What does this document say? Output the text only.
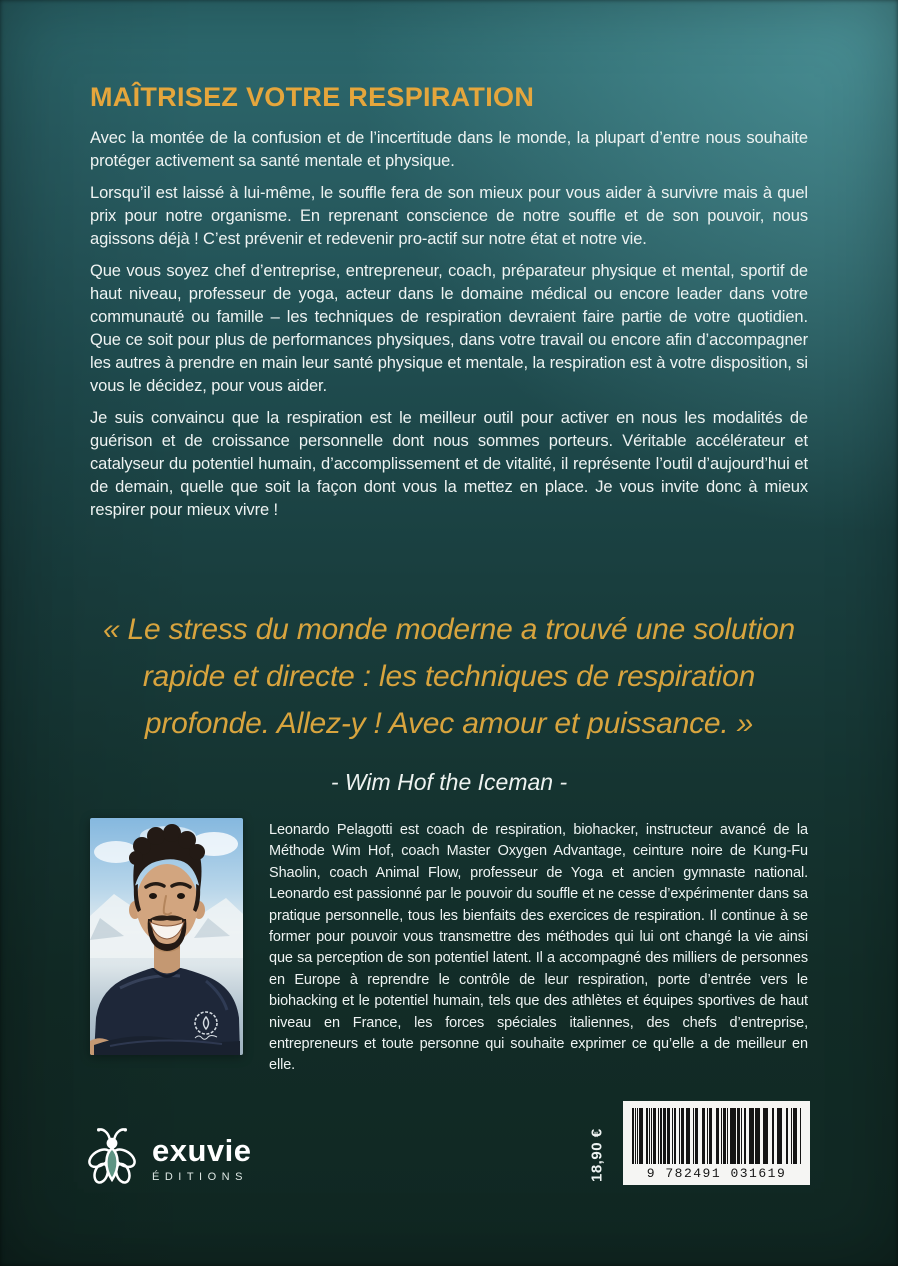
MAÎTRISEZ VOTRE RESPIRATION

Avec la montée de la confusion et de l’incertitude dans le monde, la plupart d’entre nous souhaite protéger activement sa santé mentale et physique.

Lorsqu’il est laissé à lui-même, le souffle fera de son mieux pour vous aider à survivre mais à quel prix pour notre organisme. En reprenant conscience de notre souffle et de son pouvoir, nous agissons déjà ! C’est prévenir et redevenir pro-actif sur notre état et notre vie.

Que vous soyez chef d’entreprise, entrepreneur, coach, préparateur physique et mental, sportif de haut niveau, professeur de yoga, acteur dans le domaine médical ou encore leader dans votre communauté ou famille – les techniques de respiration devraient faire partie de votre quotidien. Que ce soit pour plus de performances physiques, dans votre travail ou encore afin d’accompagner les autres à prendre en main leur santé physique et mentale, la respiration est à votre disposition, si vous le décidez, pour vous aider.

Je suis convaincu que la respiration est le meilleur outil pour activer en nous les modalités de guérison et de croissance personnelle dont nous sommes porteurs. Véritable accélérateur et catalyseur du potentiel humain, d’accomplissement et de vitalité, il représente l’outil d’aujourd’hui et de demain, quelle que soit la façon dont vous la mettez en place. Je vous invite donc à mieux respirer pour mieux vivre !

« Le stress du monde moderne a trouvé une solution
rapide et directe : les techniques de respiration
profonde. Allez-y ! Avec amour et puissance. »
- Wim Hof the Iceman -

Leonardo Pelagotti est coach de respiration, biohacker, instructeur avancé de la Méthode Wim Hof, coach Master Oxygen Advantage, ceinture noire de Kung-Fu Shaolin, coach Animal Flow, professeur de Yoga et ancien gymnaste national. Leonardo est passionné par le pouvoir du souffle et ne cesse d’expérimenter dans sa pratique personnelle, tous les bienfaits des exercices de respiration. Il continue à se former pour pouvoir vous transmettre des méthodes qui lui ont changé la vie ainsi que sa perception de son potentiel latent. Il a accompagné des milliers de personnes en Europe à reprendre le contrôle de leur respiration, porte d’entrée vers le biohacking et le potentiel humain, tels que des athlètes et équipes sportives de haut niveau en France, les forces spéciales italiennes, des chefs d’entreprise, entrepreneurs et toute personne qui souhaite exprimer ce qu’elle a de meilleur en elle.

exuvie
ÉDITIONS	18,90 €	9 782491 031619
